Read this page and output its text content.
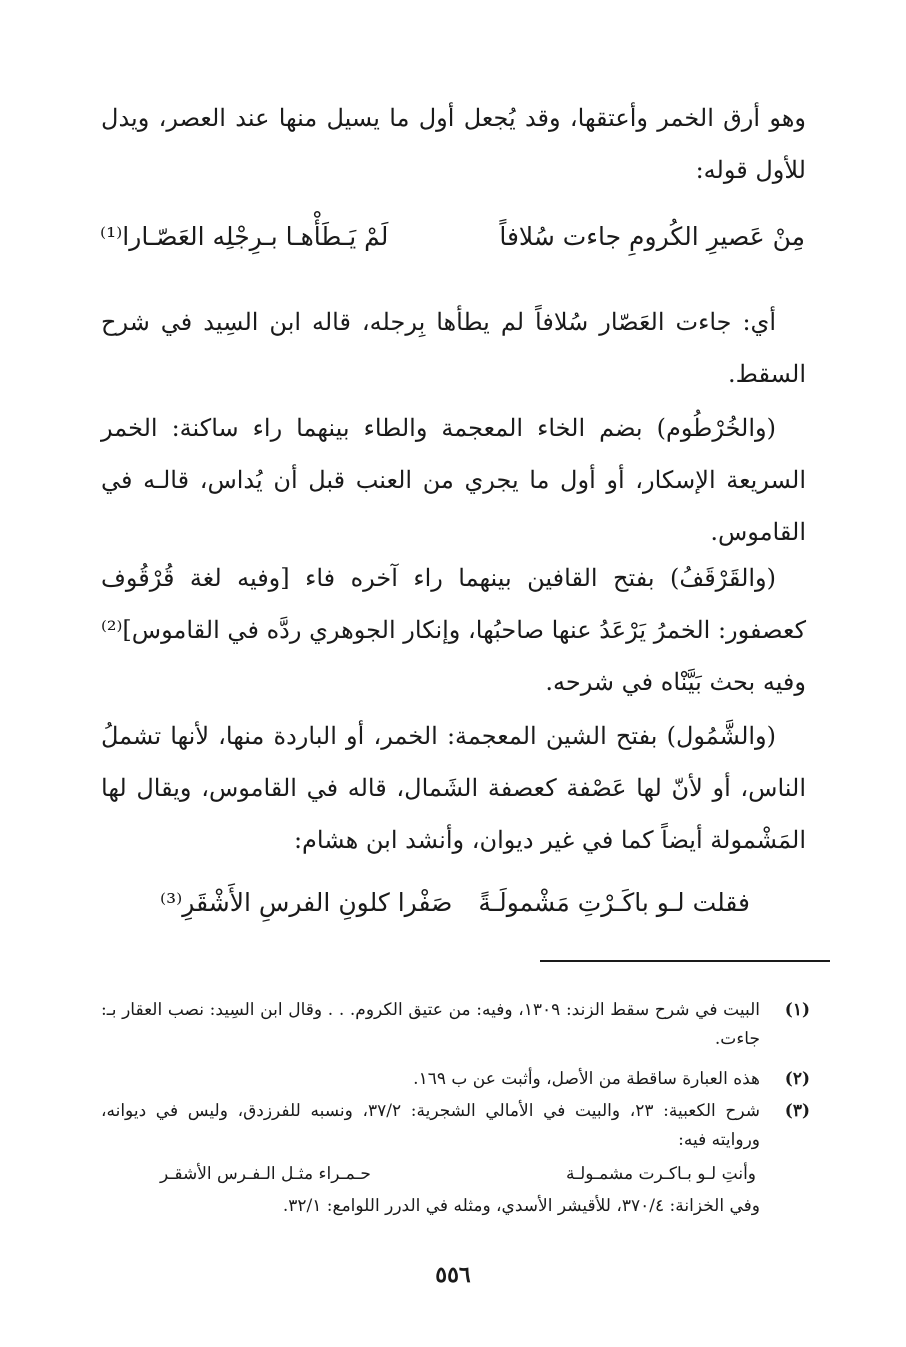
وهو أرق الخمر وأعتقها، وقد يُجعل أول ما يسيل منها عند العصر، ويدل للأول قوله:
مِنْ عَصيرِ الكُرومِ جاءت سُلافاً
لَمْ يَـطَأْهـا بـرِجْلِه العَصّـارا⁽¹⁾
أي: جاءت العَصّار سُلافاً لم يطأها بِرجله، قاله ابن السِيد في شرح السقط.
(والخُرْطُوم) بضم الخاء المعجمة والطاء بينهما راء ساكنة: الخمر السريعة الإسكار، أو أول ما يجري من العنب قبل أن يُداس، قالـه في القاموس.
(والقَرْقَفُ) بفتح القافين بينهما راء آخره فاء [وفيه لغة قُرْقُوف كعصفور: الخمرُ يَرْعَدُ عنها صاحبُها، وإنكار الجوهري ردَّه في القاموس]⁽²⁾ وفيه بحث بَيَّنْاه في شرحه.
(والشَّمُول) بفتح الشين المعجمة: الخمر، أو الباردة منها، لأنها تشملُ الناس، أو لأنّ لها عَصْفة كعصفة الشَمال، قاله في القاموس، ويقال لها المَشْمولة أيضاً كما في غير ديوان، وأنشد ابن هشام:
فقلت لـو باكَـرْتِ مَشْمولَـةً
صَفْرا كلونِ الفرسِ الأَشْقَرِ⁽³⁾
(١)
البيت في شرح سقط الزند: ١٣٠٩، وفيه: من عتيق الكروم. . . وقال ابن السِيد: نصب العقار بـ: جاءت.
(٢)
هذه العبارة ساقطة من الأصل، وأثبت عن ب ١٦٩.
(٣)
شرح الكعبية: ٢٣، والبيت في الأمالي الشجرية: ٣٧/٢، ونسبه للفرزدق، وليس في ديوانه، وروايته فيه:
وأنتِ لـو بـاكـرت مشمـولـة
حـمـراء مثـل الـفـرس الأشقـر
وفي الخزانة: ٣٧٠/٤، للأقيشر الأسدي، ومثله في الدرر اللوامع: ٣٢/١.
٥٥٦
